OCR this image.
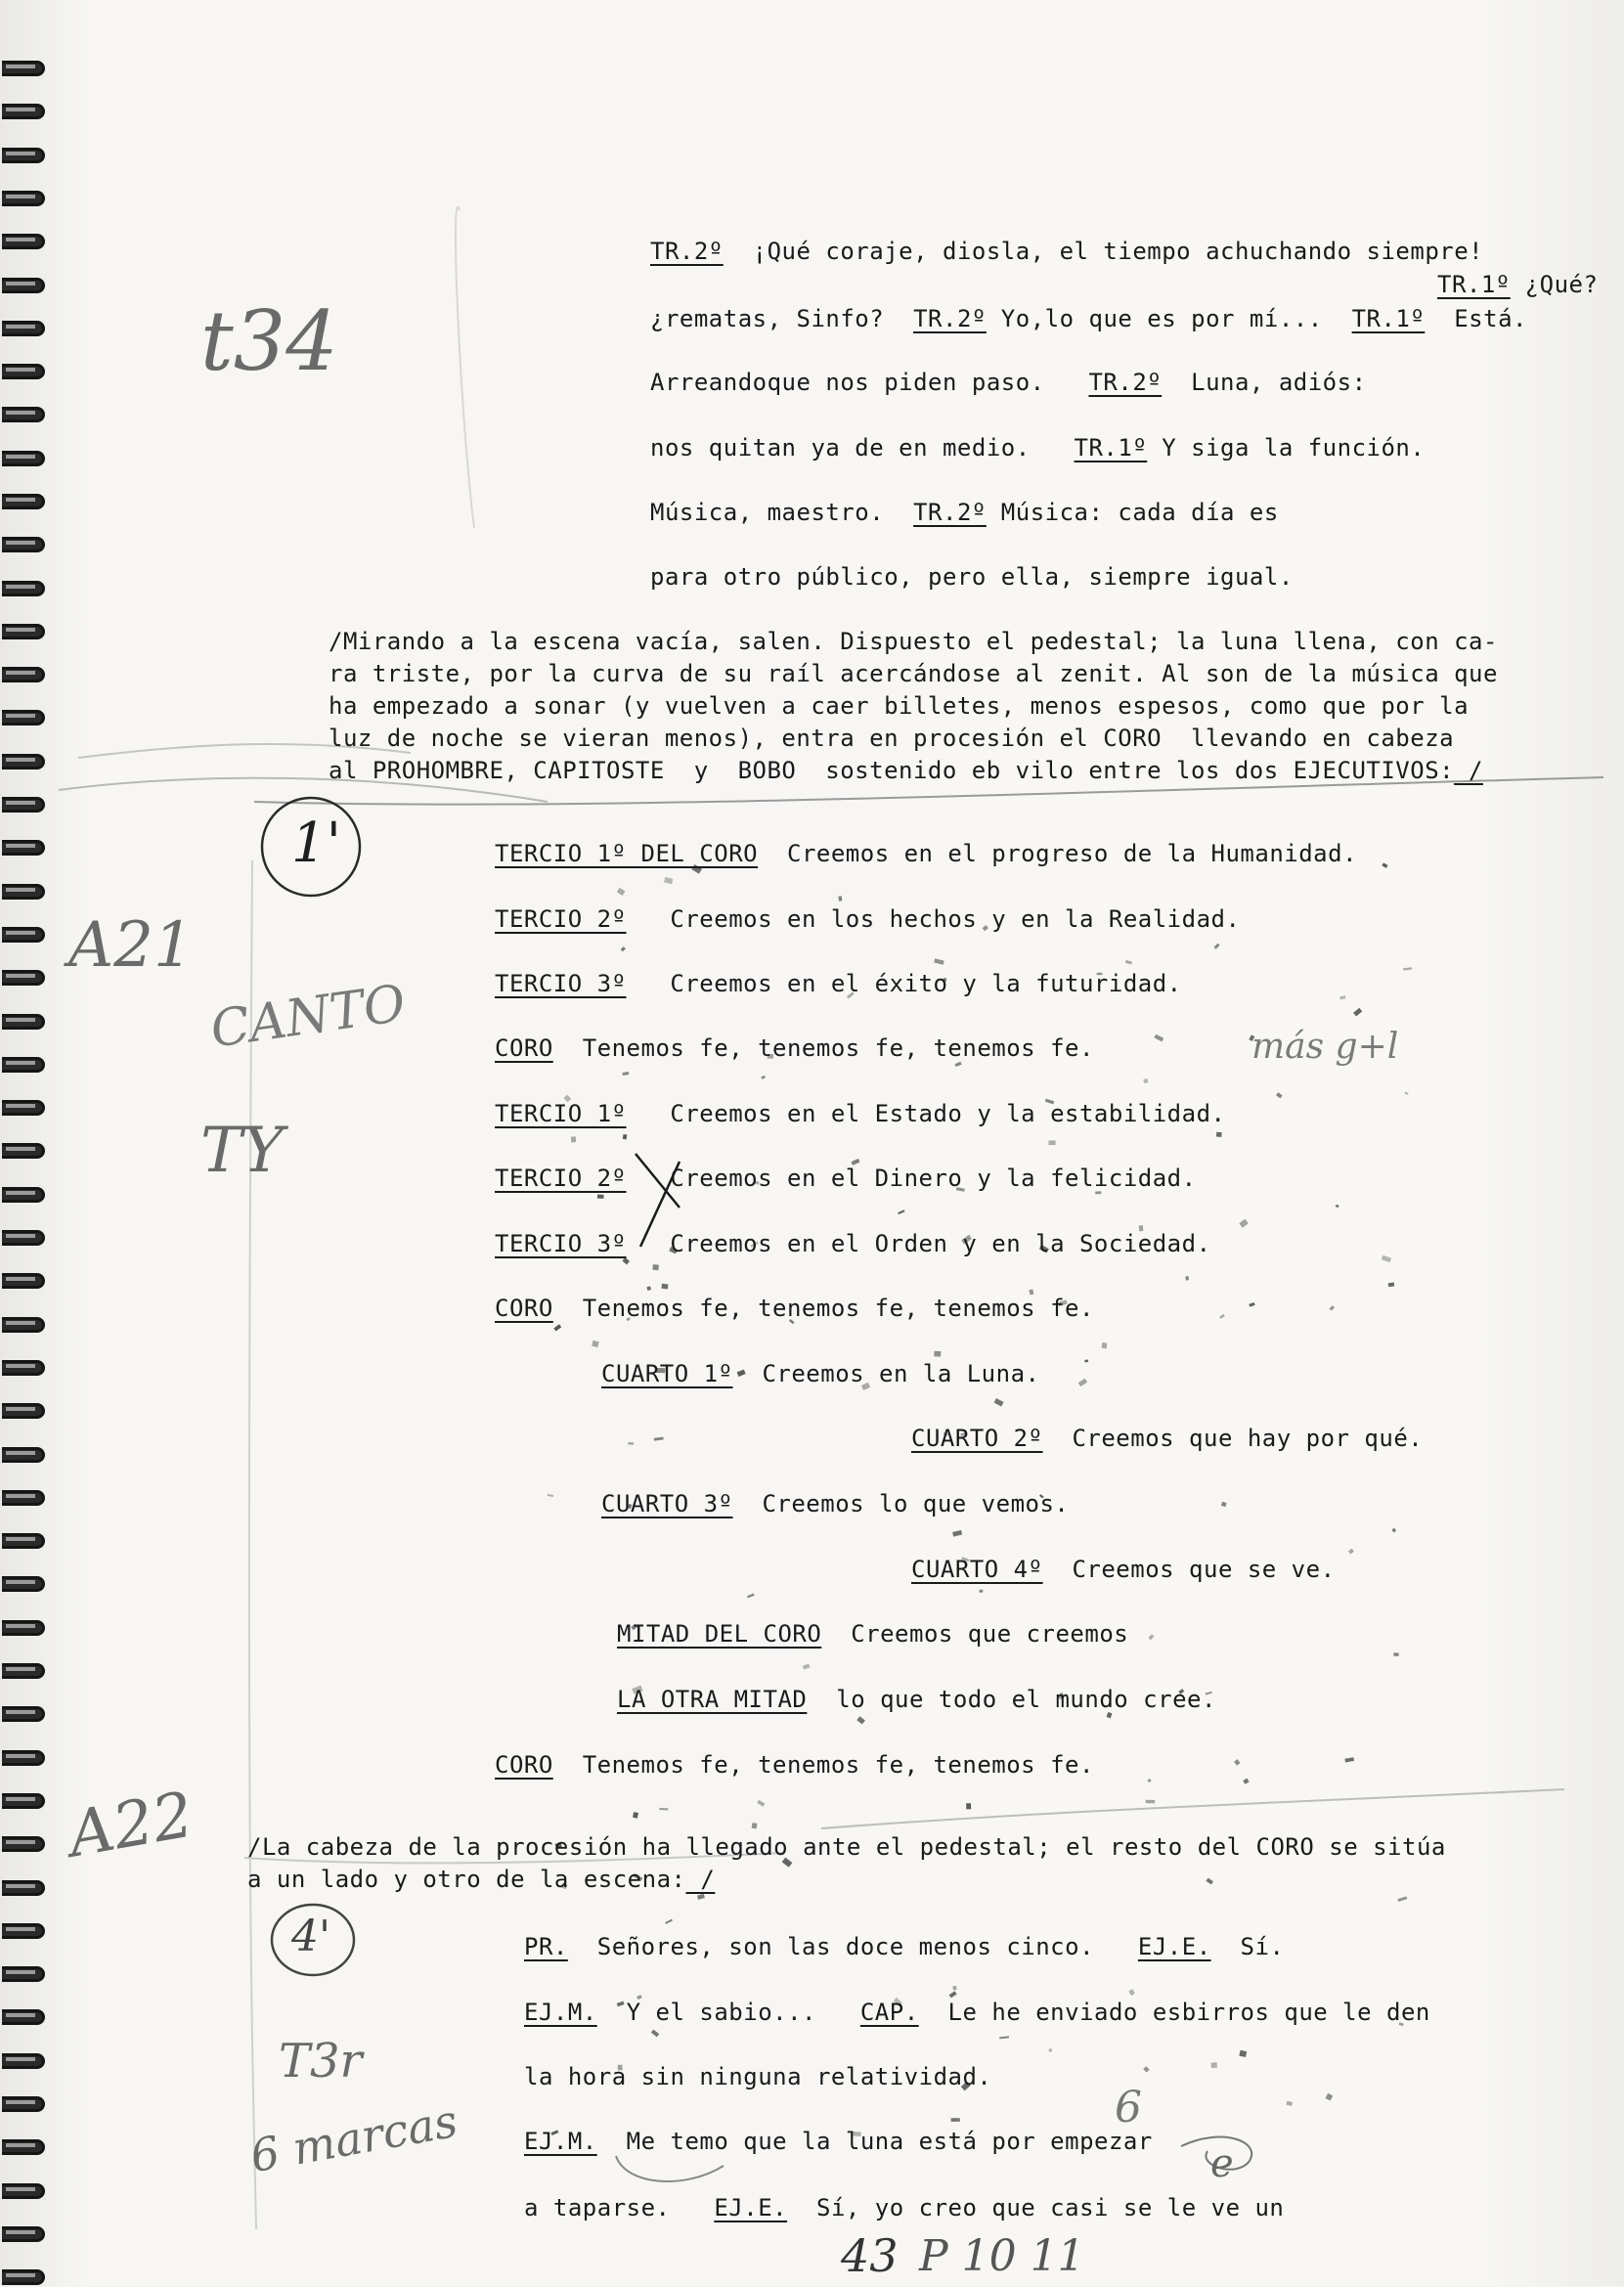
TR.2º  ¡Qué coraje, diosla, el tiempo achuchando siempre!
TR.1º ¿Qué?
¿rematas, Sinfo?  TR.2º Yo,lo que es por mí...  TR.1º  Está.
Arreandoque nos piden paso.   TR.2º  Luna, adiós:
nos quitan ya de en medio.   TR.1º Y siga la función.
Música, maestro.  TR.2º Música: cada día es
para otro público, pero ella, siempre igual.
/Mirando a la escena vacía, salen. Dispuesto el pedestal; la luna llena, con ca-
ra triste, por la curva de su raíl acercándose al zenit. Al son de la música que
ha empezado a sonar (y vuelven a caer billetes, menos espesos, como que por la
luz de noche se vieran menos), entra en procesión el CORO  llevando en cabeza
al PROHOMBRE, CAPITOSTE  y  BOBO  sostenido eb vilo entre los dos EJECUTIVOS: /
TERCIO 1º DEL CORO  Creemos en el progreso de la Humanidad.
TERCIO 2º   Creemos en los hechos y en la Realidad.
TERCIO 3º   Creemos en el éxito y la futuridad.
CORO  Tenemos fe, tenemos fe, tenemos fe.
TERCIO 1º   Creemos en el Estado y la estabilidad.
TERCIO 2º   Creemos en el Dinero y la felicidad.
TERCIO 3º   Creemos en el Orden y en la Sociedad.
CORO  Tenemos fe, tenemos fe, tenemos fe.
CUARTO 1º  Creemos en la Luna.
CUARTO 2º  Creemos que hay por qué.
CUARTO 3º  Creemos lo que vemos.
CUARTO 4º  Creemos que se ve.
MITAD DEL CORO  Creemos que creemos
LA OTRA MITAD  lo que todo el mundo cree.
CORO  Tenemos fe, tenemos fe, tenemos fe.
/La cabeza de la procesión ha llegado ante el pedestal; el resto del CORO se sitúa
a un lado y otro de la escena: /
PR.  Señores, son las doce menos cinco.   EJ.E.  Sí.
EJ.M.  Y el sabio...   CAP.  Le he enviado esbirros que le den
la hora sin ninguna relatividad.
EJ.M.  Me temo que la luna está por empezar
a taparse.   EJ.E.  Sí, yo creo que casi se le ve un
t34
1'
A21
CANTO
TY
más g+l
A22
4'
T3r
6 marcas	6
e
43 P 10 11
